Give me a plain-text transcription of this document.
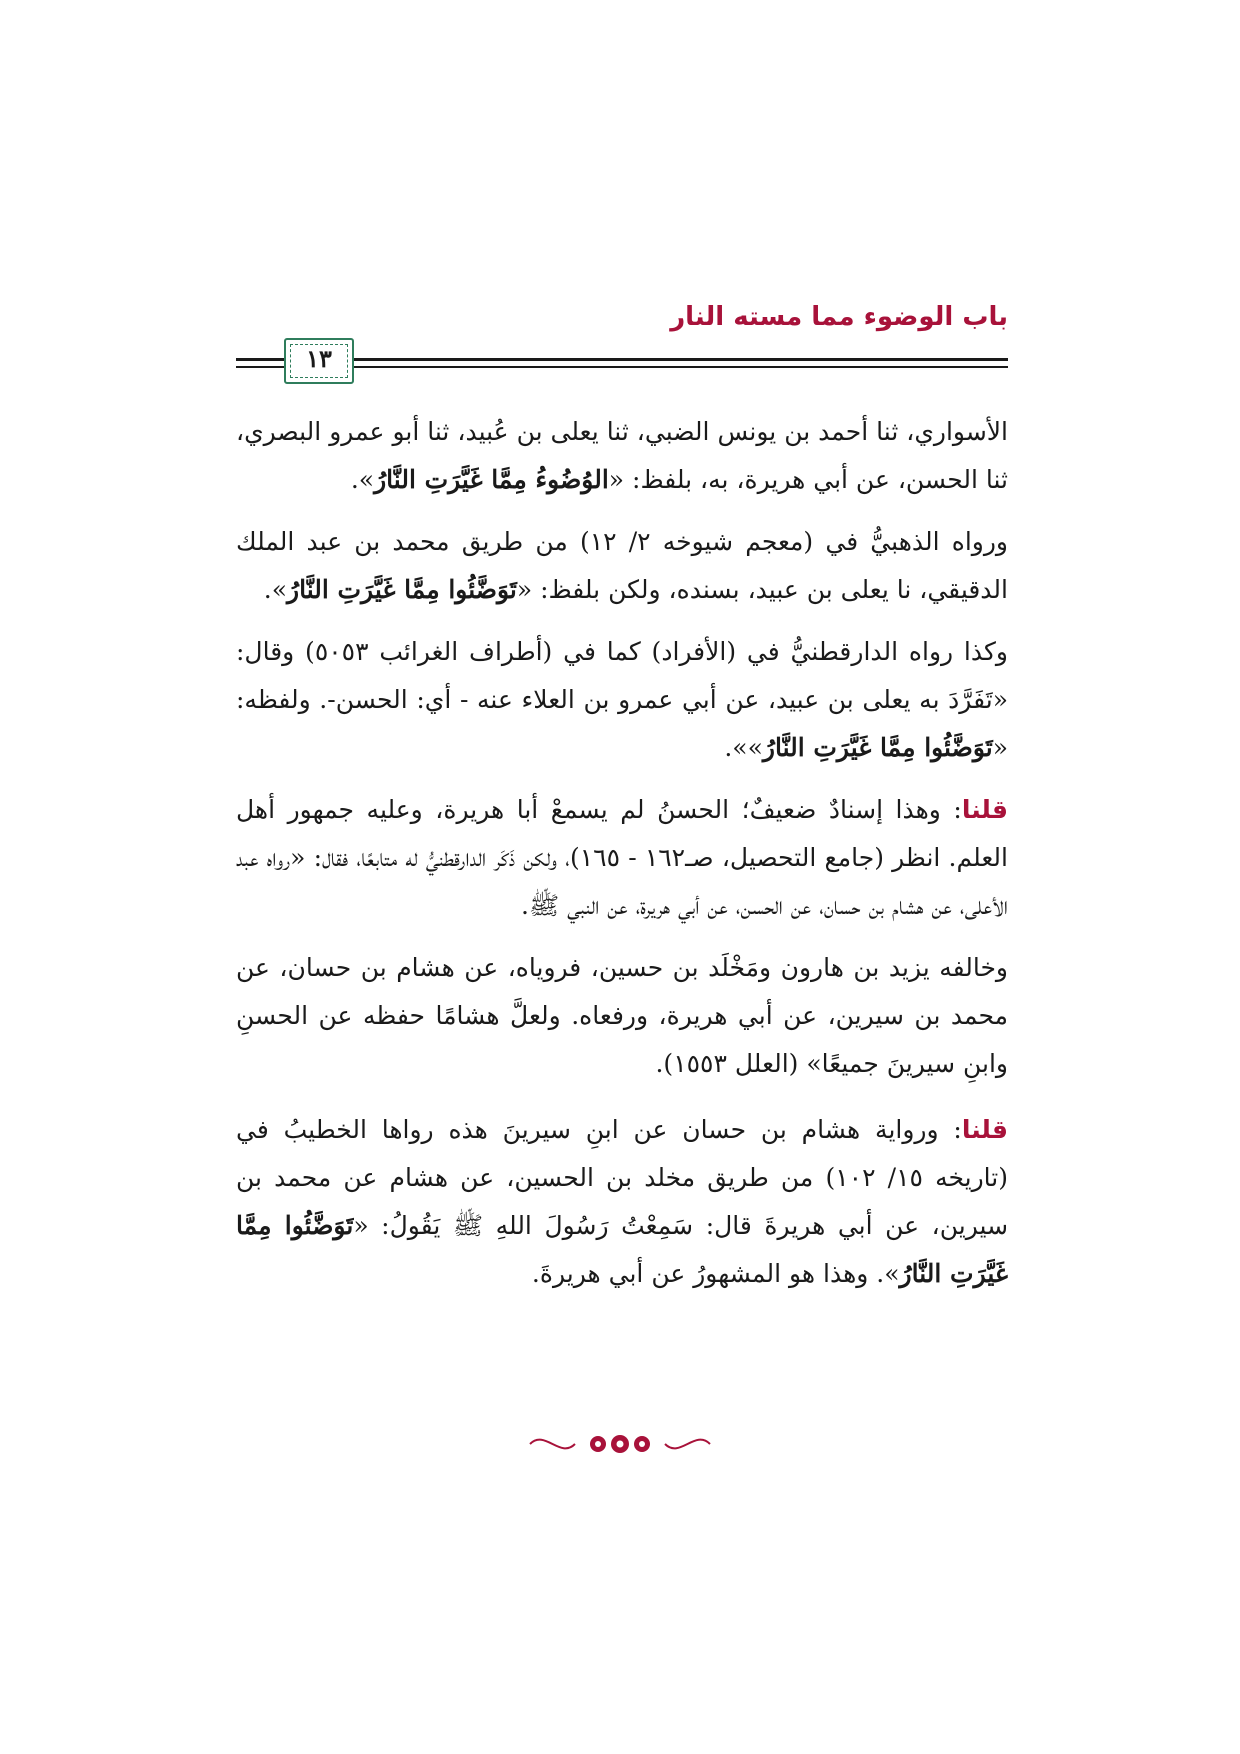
باب الوضوء مما مسته النار
١٣

الأسواري، ثنا أحمد بن يونس الضبي، ثنا يعلى بن عُبيد، ثنا أبو عمرو البصري، ثنا الحسن، عن أبي هريرة، به، بلفظ: «الوُضُوءُ مِمَّا غَيَّرَتِ النَّارُ».

ورواه الذهبيُّ في (معجم شيوخه ٢/ ١٢) من طريق محمد بن عبد الملك الدقيقي، نا يعلى بن عبيد، بسنده، ولكن بلفظ: «تَوَضَّئُوا مِمَّا غَيَّرَتِ النَّارُ».

وكذا رواه الدارقطنيُّ في (الأفراد) كما في (أطراف الغرائب ٥٠٥٣) وقال: «تَفَرَّدَ به يعلى بن عبيد، عن أبي عمرو بن العلاء عنه - أي: الحسن-. ولفظه: «تَوَضَّئُوا مِمَّا غَيَّرَتِ النَّارُ»».

قلنا: وهذا إسنادٌ ضعيفٌ؛ الحسنُ لم يسمعْ أبا هريرة، وعليه جمهور أهل العلم. انظر (جامع التحصيل، صـ١٦٢ - ١٦٥)، ولكن ذَكَر الدارقطنيُّ له متابعًا، فقال: «رواه عبد الأعلى، عن هشام بن حسان، عن الحسن، عن أبي هريرة، عن النبي ﷺ.

وخالفه يزيد بن هارون ومَخْلَد بن حسين، فروياه، عن هشام بن حسان، عن محمد بن سيرين، عن أبي هريرة، ورفعاه. ولعلَّ هشامًا حفظه عن الحسنِ وابنِ سيرينَ جميعًا» (العلل ١٥٥٣).

قلنا: ورواية هشام بن حسان عن ابنِ سيرينَ هذه رواها الخطيبُ في (تاريخه ١٥/ ١٠٢) من طريق مخلد بن الحسين، عن هشام عن محمد بن سيرين، عن أبي هريرةَ قال: سَمِعْتُ رَسُولَ اللهِ ﷺ يَقُولُ: «تَوَضَّئُوا مِمَّا غَيَّرَتِ النَّارُ». وهذا هو المشهورُ عن أبي هريرةَ.
